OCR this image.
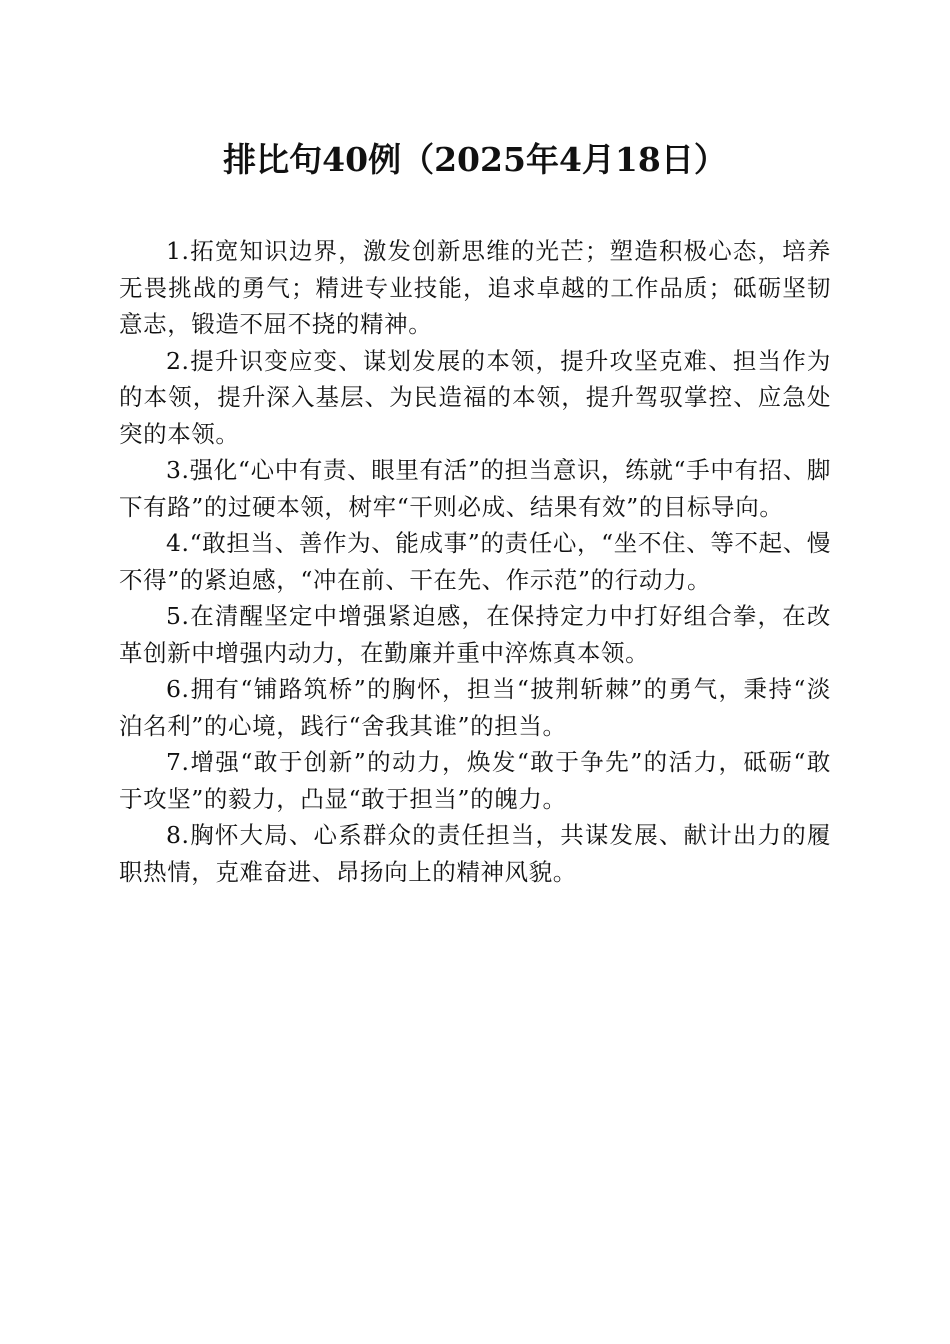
排比句40例（2025年4月18日）

1.拓宽知识边界，激发创新思维的光芒；塑造积极心态，培养无畏挑战的勇气；精进专业技能，追求卓越的工作品质；砥砺坚韧意志，锻造不屈不挠的精神。

2.提升识变应变、谋划发展的本领，提升攻坚克难、担当作为的本领，提升深入基层、为民造福的本领，提升驾驭掌控、应急处突的本领。

3.强化“心中有责、眼里有活”的担当意识，练就“手中有招、脚下有路”的过硬本领，树牢“干则必成、结果有效”的目标导向。

4.“敢担当、善作为、能成事”的责任心，“坐不住、等不起、慢不得”的紧迫感，“冲在前、干在先、作示范”的行动力。

5.在清醒坚定中增强紧迫感，在保持定力中打好组合拳，在改革创新中增强内动力，在勤廉并重中淬炼真本领。

6.拥有“铺路筑桥”的胸怀，担当“披荆斩棘”的勇气，秉持“淡泊名利”的心境，践行“舍我其谁”的担当。

7.增强“敢于创新”的动力，焕发“敢于争先”的活力，砥砺“敢于攻坚”的毅力，凸显“敢于担当”的魄力。

8.胸怀大局、心系群众的责任担当，共谋发展、献计出力的履职热情，克难奋进、昂扬向上的精神风貌。
